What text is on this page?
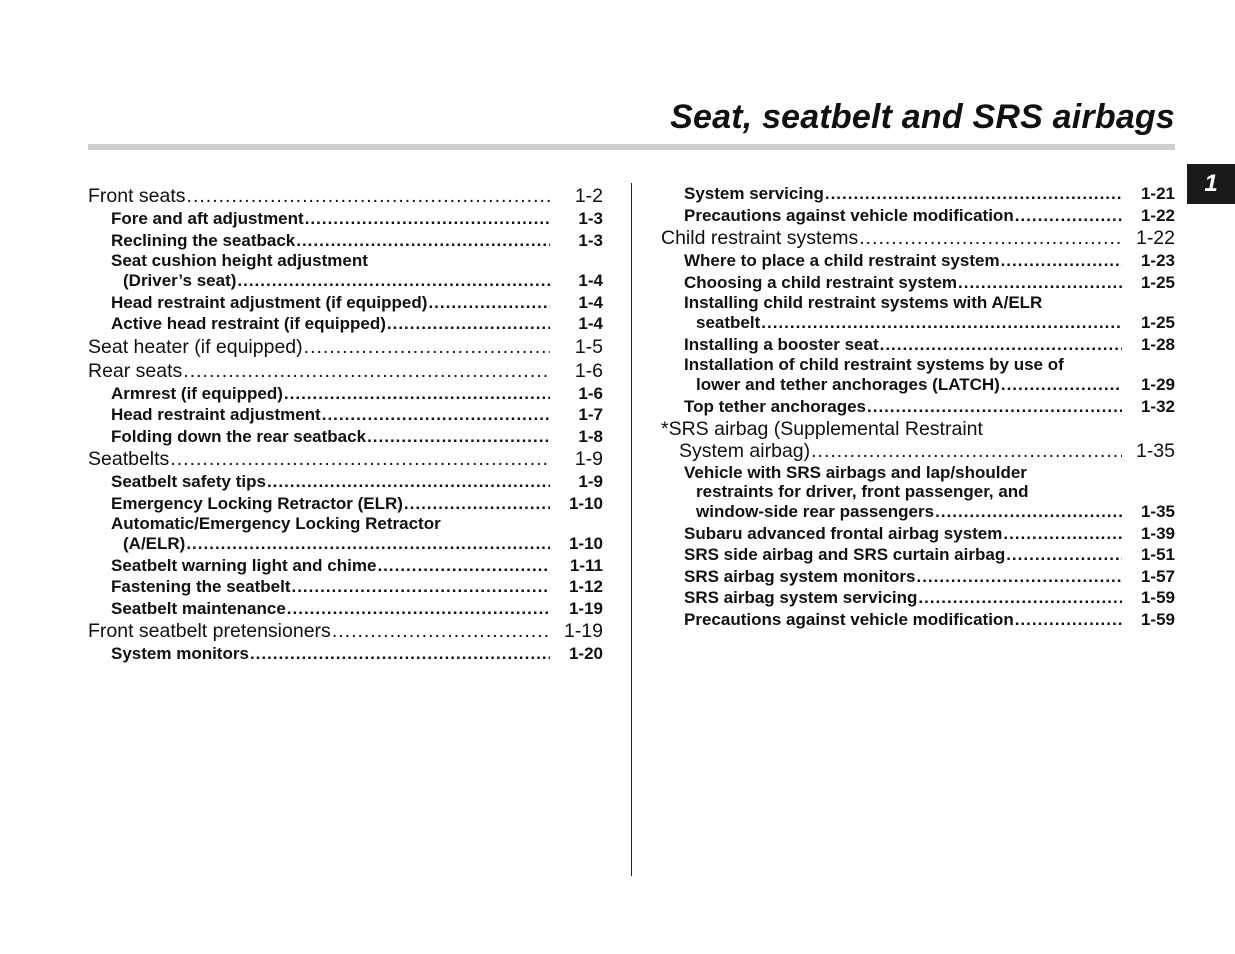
Seat, seatbelt and SRS airbags
1
Front seats .....	1-2
Fore and aft adjustment .....	1-3
Reclining the seatback .....	1-3
Seat cushion height adjustment
(Driver’s seat) .....	1-4
Head restraint adjustment (if equipped) .....	1-4
Active head restraint (if equipped) .....	1-4
Seat heater (if equipped) .....	1-5
Rear seats .....	1-6
Armrest (if equipped) .....	1-6
Head restraint adjustment .....	1-7
Folding down the rear seatback .....	1-8
Seatbelts .....	1-9
Seatbelt safety tips .....	1-9
Emergency Locking Retractor (ELR) .....	1-10
Automatic/Emergency Locking Retractor
(A/ELR) .....	1-10
Seatbelt warning light and chime .....	1-11
Fastening the seatbelt .....	1-12
Seatbelt maintenance .....	1-19
Front seatbelt pretensioners .....	1-19
System monitors .....	1-20
System servicing .....	1-21
Precautions against vehicle modification .....	1-22
Child restraint systems .....	1-22
Where to place a child restraint system .....	1-23
Choosing a child restraint system .....	1-25
Installing child restraint systems with A/ELR
seatbelt .....	1-25
Installing a booster seat .....	1-28
Installation of child restraint systems by use of
lower and tether anchorages (LATCH) .....	1-29
Top tether anchorages .....	1-32
*SRS airbag (Supplemental Restraint
System airbag) .....	1-35
Vehicle with SRS airbags and lap/shoulder
restraints for driver, front passenger, and
window-side rear passengers .....	1-35
Subaru advanced frontal airbag system .....	1-39
SRS side airbag and SRS curtain airbag .....	1-51
SRS airbag system monitors .....	1-57
SRS airbag system servicing .....	1-59
Precautions against vehicle modification .....	1-59
